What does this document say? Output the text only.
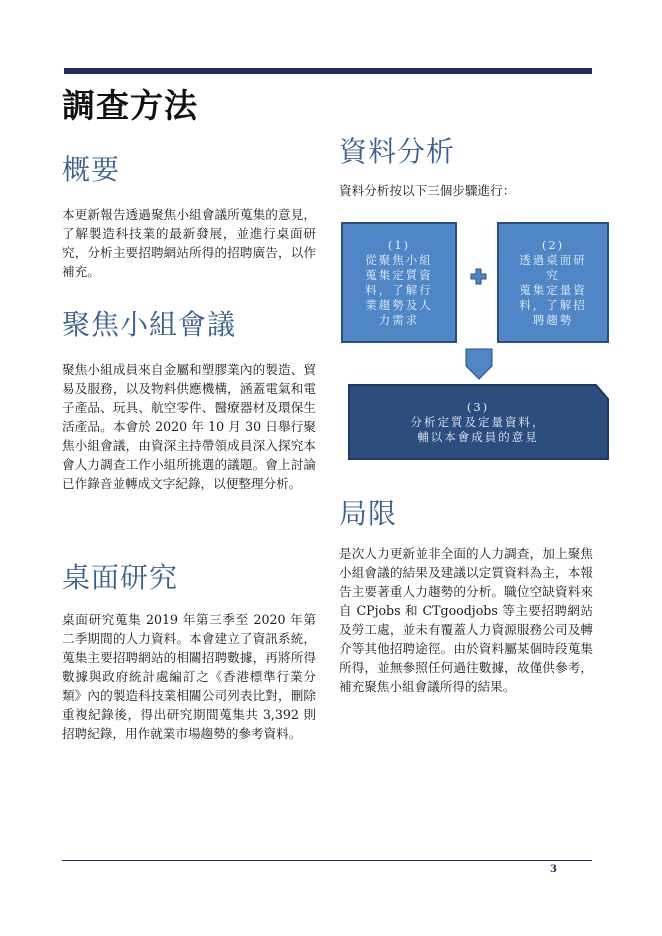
調查方法
概要

本更新報告透過聚焦小組會議所蒐集的意見，了解製造科技業的最新發展，並進行桌面研究，分析主要招聘網站所得的招聘廣告，以作補充。

聚焦小組會議

聚焦小組成員來自金屬和塑膠業內的製造、貿易及服務，以及物料供應機構，涵蓋電氣和電子產品、玩具、航空零件、醫療器材及環保生活產品。本會於 2020 年 10 月 30 日舉行聚焦小組會議，由資深主持帶領成員深入探究本會人力調查工作小組所挑選的議題。會上討論已作錄音並轉成文字紀錄，以便整理分析。

桌面研究

桌面研究蒐集 2019 年第三季至 2020 年第二季期間的人力資料。本會建立了資訊系統，蒐集主要招聘網站的相關招聘數據，再將所得數據與政府統計處編訂之《香港標準行業分類》內的製造科技業相關公司列表比對，刪除重複紀錄後，得出研究期間蒐集共 3,392 則招聘紀錄，用作就業市場趨勢的參考資料。

資料分析

資料分析按以下三個步驟進行：

(1)
從聚焦小組
蒐集定質資
料，了解行
業趨勢及人
力需求
(2)
透過桌面研
究
蒐集定量資
料，了解招
聘趨勢
(3)
分析定質及定量資料，
輔以本會成員的意見
局限

是次人力更新並非全面的人力調查，加上聚焦小組會議的結果及建議以定質資料為主，本報告主要著重人力趨勢的分析。職位空缺資料來自 CPjobs 和 CTgoodjobs 等主要招聘網站及勞工處，並未有覆蓋人力資源服務公司及轉介等其他招聘途徑。由於資料屬某個時段蒐集所得，並無參照任何過往數據，故僅供參考，補充聚焦小組會議所得的結果。

3
